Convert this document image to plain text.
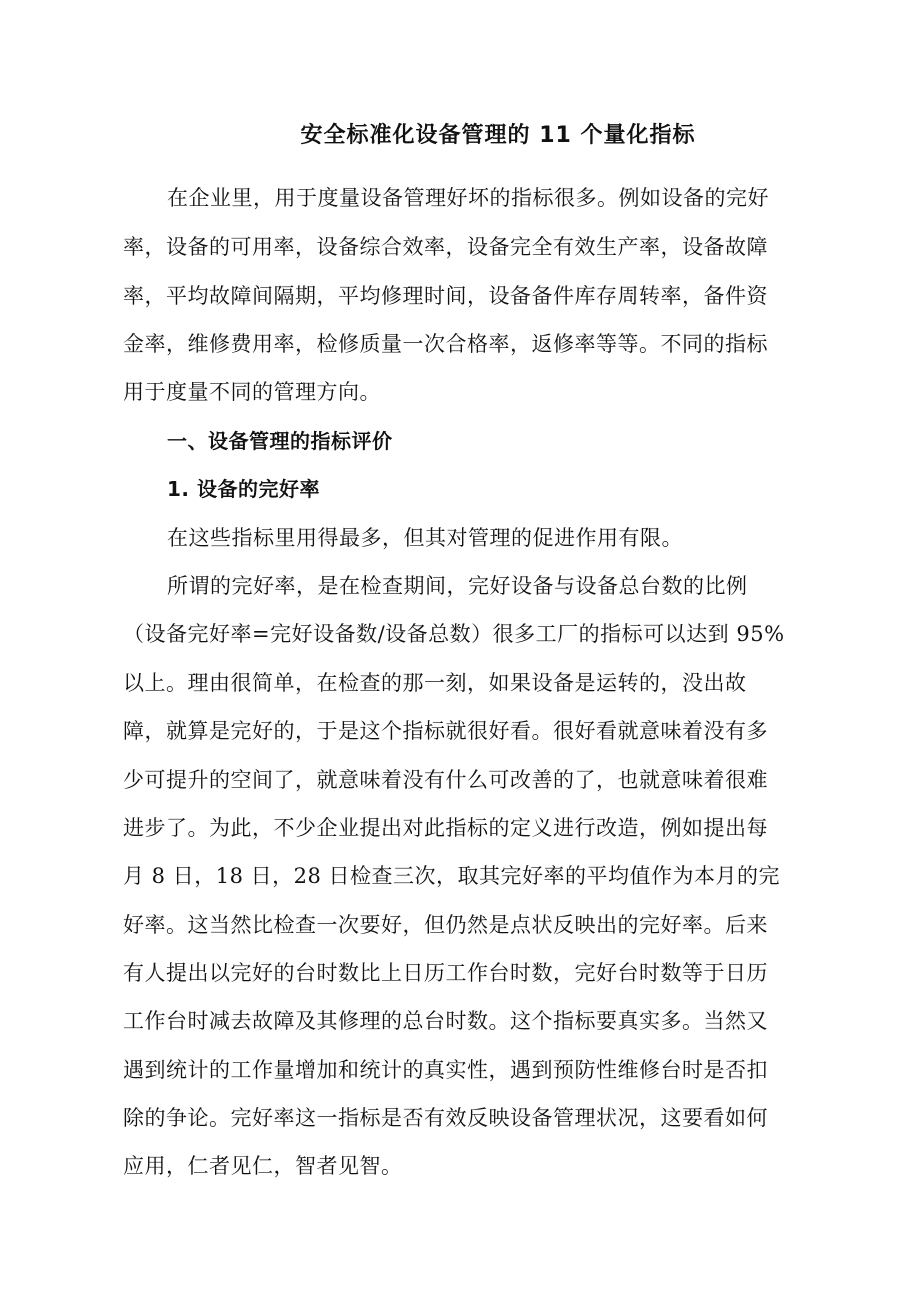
安全标准化设备管理的 11 个量化指标
在企业里，用于度量设备管理好坏的指标很多。例如设备的完好
率，设备的可用率，设备综合效率，设备完全有效生产率，设备故障
率，平均故障间隔期，平均修理时间，设备备件库存周转率，备件资
金率，维修费用率，检修质量一次合格率，返修率等等。不同的指标
用于度量不同的管理方向。
一、设备管理的指标评价
1. 设备的完好率
在这些指标里用得最多，但其对管理的促进作用有限。
所谓的完好率，是在检查期间，完好设备与设备总台数的比例
（设备完好率=完好设备数/设备总数）很多工厂的指标可以达到 95%
以上。理由很简单，在检查的那一刻，如果设备是运转的，没出故
障，就算是完好的，于是这个指标就很好看。很好看就意味着没有多
少可提升的空间了，就意味着没有什么可改善的了，也就意味着很难
进步了。为此，不少企业提出对此指标的定义进行改造，例如提出每
月 8 日，18 日，28 日检查三次，取其完好率的平均值作为本月的完
好率。这当然比检查一次要好，但仍然是点状反映出的完好率。后来
有人提出以完好的台时数比上日历工作台时数，完好台时数等于日历
工作台时减去故障及其修理的总台时数。这个指标要真实多。当然又
遇到统计的工作量增加和统计的真实性，遇到预防性维修台时是否扣
除的争论。完好率这一指标是否有效反映设备管理状况，这要看如何
应用，仁者见仁，智者见智。
